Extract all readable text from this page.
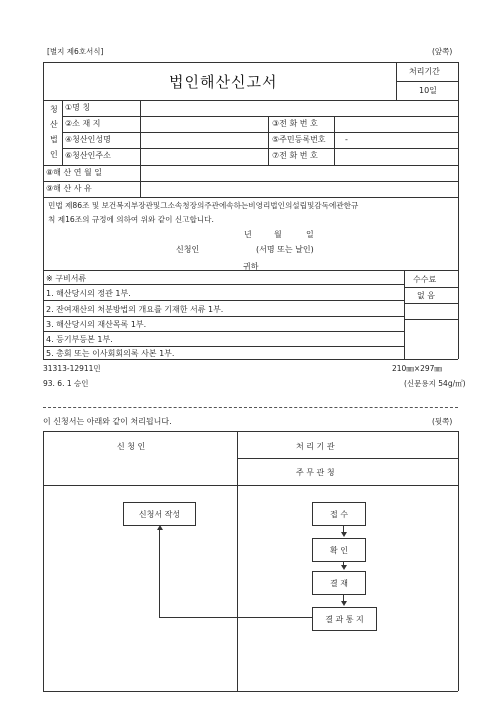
[별지 제6호서식]	(앞쪽)
법인해산신고서
처리기간
10일
청
산
법
인
①명 칭
②소 재 지	③전 화 번 호
④청산인성명	⑤주민등록번호 -
⑥청산인주소	⑦전 화 번 호
⑧해 산 연 월 일
⑨해 산 사 유
민법 제86조 및 보건복지부장관및그소속청장의주관에속하는비영리법인의설립및감독에관한규
칙 제16조의 규정에 의하여 위와 같이 신고합니다.
년	월	일
신청인	(서명 또는 날인)
귀하
수수료
없 음
※ 구비서류
1. 해산당시의 정관 1부.
2. 잔여재산의 처분방법의 개요를 기재한 서류 1부.
3. 해산당시의 재산목록 1부.
4. 등기부등본 1부.
5. 총회 또는 이사회회의록 사본 1부.
31313-12911민	210㎜×297㎜
93. 6. 1 승인	(신문용지 54g/㎡)
이 신청서는 아래와 같이 처리됩니다.	(뒷쪽)
신 청 인	처 리 기 관
주 무 관 청
신청서 작성	접 수
확 인
결 재
결 과 통 지
